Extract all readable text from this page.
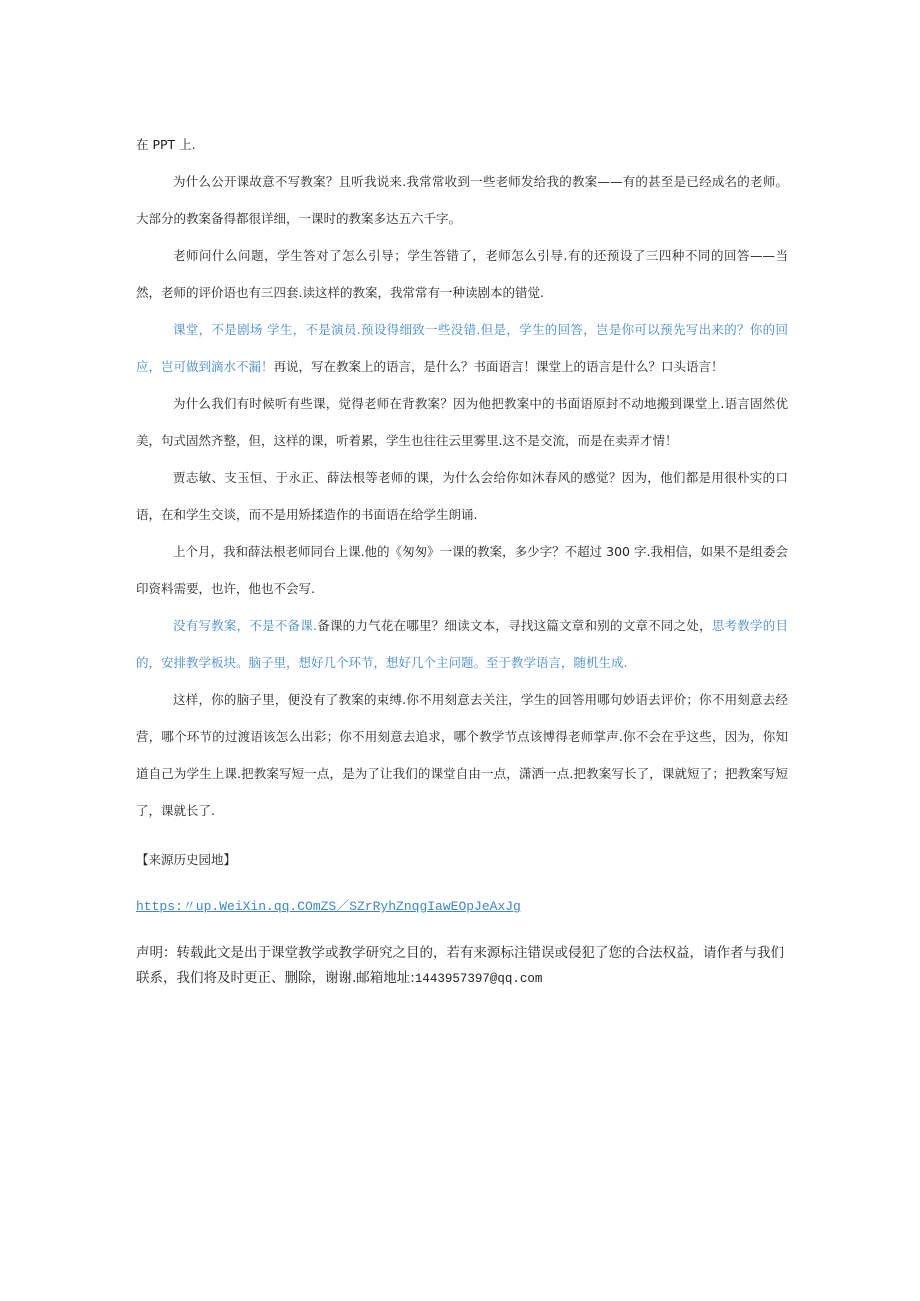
在 PPT 上.

为什么公开课故意不写教案？且听我说来.我常常收到一些老师发给我的教案——有的甚至是已经成名的老师。大部分的教案备得都很详细，一课时的教案多达五六千字。

老师问什么问题，学生答对了怎么引导；学生答错了，老师怎么引导.有的还预设了三四种不同的回答——当然，老师的评价语也有三四套.读这样的教案，我常常有一种读剧本的错觉.

课堂，不是剧场 学生，不是演员.预设得细致一些没错.但是，学生的回答，岂是你可以预先写出来的？你的回应，岂可做到滴水不漏！再说，写在教案上的语言，是什么？书面语言！课堂上的语言是什么？口头语言！

为什么我们有时候听有些课，觉得老师在背教案？因为他把教案中的书面语原封不动地搬到课堂上.语言固然优美，句式固然齐整，但，这样的课，听着累，学生也往往云里雾里.这不是交流，而是在卖弄才情！

贾志敏、支玉恒、于永正、薛法根等老师的课，为什么会给你如沐春风的感觉？因为，他们都是用很朴实的口语，在和学生交谈，而不是用矫揉造作的书面语在给学生朗诵.

上个月，我和薛法根老师同台上课.他的《匆匆》一课的教案，多少字？不超过 300 字.我相信，如果不是组委会印资料需要，也许，他也不会写.

没有写教案，不是不备课.备课的力气花在哪里？细读文本，寻找这篇文章和别的文章不同之处，思考教学的目的，安排教学板块。脑子里，想好几个环节，想好几个主问题。至于教学语言，随机生成.

这样，你的脑子里，便没有了教案的束缚.你不用刻意去关注，学生的回答用哪句妙语去评价；你不用刻意去经营，哪个环节的过渡语该怎么出彩；你不用刻意去追求，哪个教学节点该博得老师掌声.你不会在乎这些，因为，你知道自己为学生上课.把教案写短一点，是为了让我们的课堂自由一点，潇洒一点.把教案写长了，课就短了；把教案写短了，课就长了.

【来源历史园地】

https:〃up.WeiXin.qq.COmZS／SZrRyhZnqgIawEOpJeAxJg

声明：转载此文是出于课堂教学或教学研究之目的，若有来源标注错误或侵犯了您的合法权益，请作者与我们联系，我们将及时更正、删除，谢谢.邮箱地址:1443957397@qq.com
